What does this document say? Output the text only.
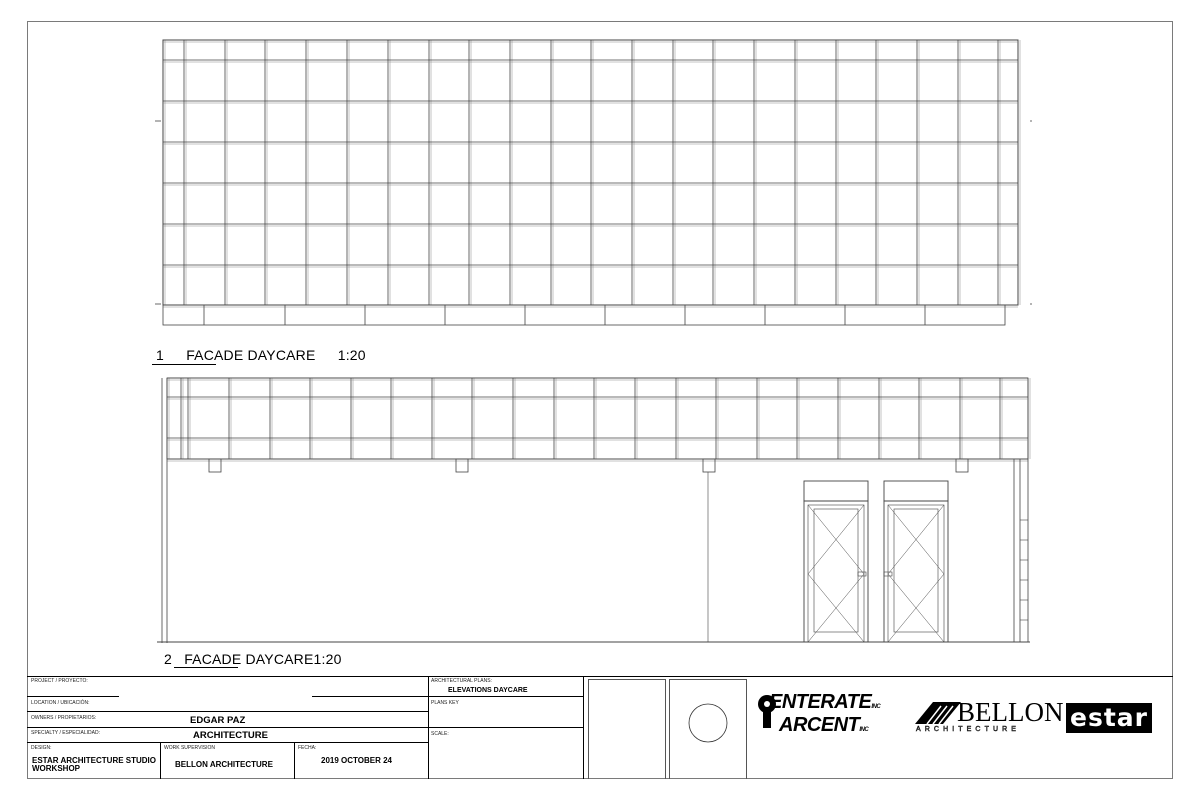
1 FACADE DAYCARE 1:20
2 FACADE DAYCARE1:20
PROJECT / PROYECTO:
LOCATION / UBICACIÓN:
OWNERS / PROPIETARIOS:	EDGAR PAZ
SPECIALTY / ESPECIALIDAD:	ARCHITECTURE
DESIGN:
ESTAR ARCHITECTURE STUDIO
WORKSHOP
WORK SUPERVISION
BELLON ARCHITECTURE
FECHA:
2019 OCTOBER 24
ARCHITECTURAL PLANS:
ELEVATIONS DAYCARE
PLANS KEY
SCALE:
ENTERATEINC
ARCENTINC
BELLON
ARCHITECTURE estar
